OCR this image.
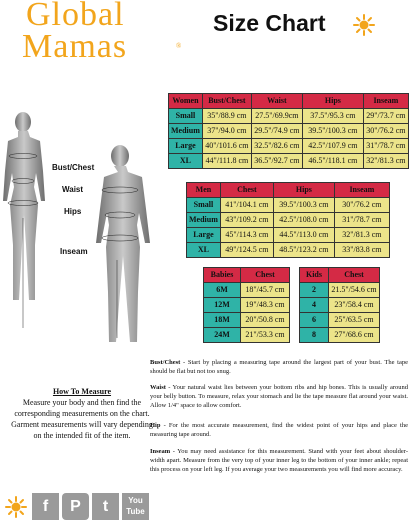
Global
Mamas	®
Size Chart
Bust/Chest
Waist
Hips
Inseam
Women	Bust/Chest	Waist	Hips	Inseam
Small	35"/88.9 cm	27.5"/69.9cm	37.5"/95.3 cm	29"/73.7 cm
Medium	37"/94.0 cm	29.5"/74.9 cm	39.5"/100.3 cm	30"/76.2 cm
Large	40"/101.6 cm	32.5"/82.6 cm	42.5"/107.9 cm	31"/78.7 cm
XL	44"/111.8 cm	36.5"/92.7 cm	46.5"/118.1 cm	32"/81.3 cm
Men	Chest	Hips	Inseam
Small	41"/104.1 cm	39.5"/100.3 cm	30"/76.2 cm
Medium	43"/109.2 cm	42.5"/108.0 cm	31"/78.7 cm
Large	45"/114.3 cm	44.5"/113.0 cm	32"/81.3 cm
XL	49"/124.5 cm	48.5"/123.2 cm	33"/83.8 cm
Babies	Chest
6M	18"/45.7 cm
12M	19"/48.3 cm
18M	20"/50.8 cm
24M	21"/53.3 cm
Kids	Chest
2	21.5"/54.6 cm
4	23"/58.4 cm
6	25"/63.5 cm
8	27"/68.6 cm
How To Measure
Measure your body and then find the corresponding measurements on the chart. Garment measurements will vary depending on the intended fit of the item.
Bust/Chest - Start by placing a measuring tape around the largest part of your bust. The tape should be flat but not too snug.
Waist - Your natural waist lies between your bottom ribs and hip bones. This is usually around your belly button. To measure, relax your stomach and lie the tape measure flat around your waist. Allow 1/4" space to allow comfort.
Hip - For the most accurate measurement, find the widest point of your hips and place the measuring tape around.
Inseam - You may need assistance for this measurement. Stand with your feet about shoulder-width apart. Measure from the very top of your inner leg to the bottom of your inner ankle; repeat this process on your left leg. If you average your two measurements you will find more accuracy.
f	P	t	You
Tube
